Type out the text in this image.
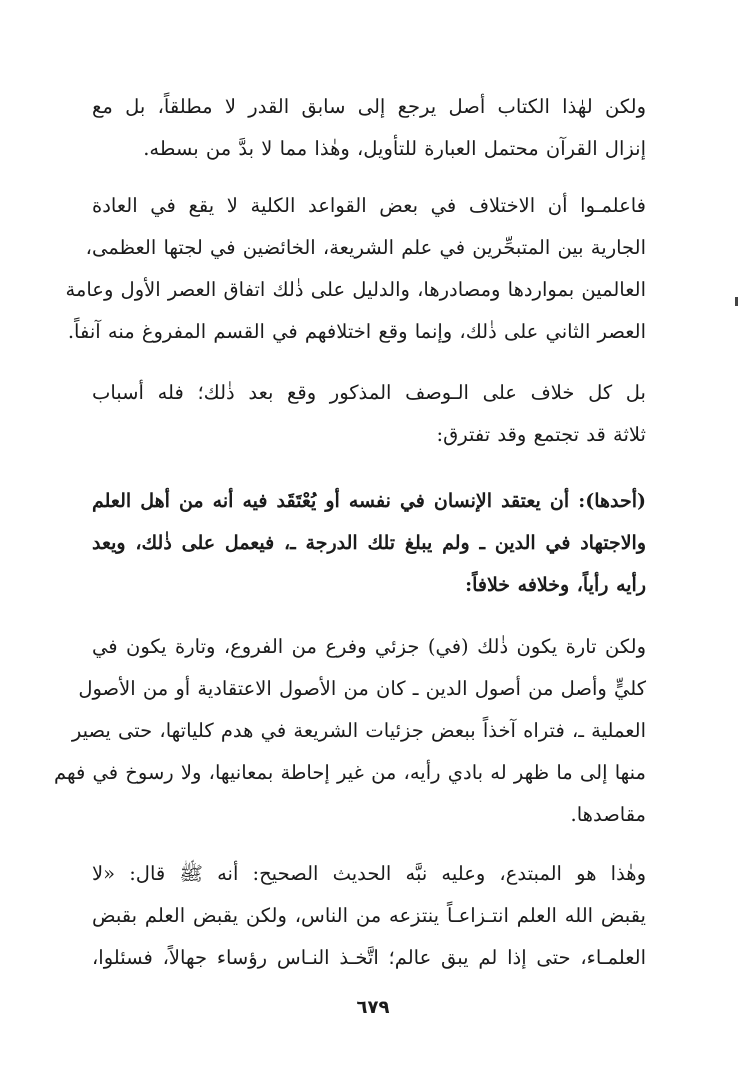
ولكن لهٰذا الكتاب أصل يرجع إلى سابق القدر لا مطلقاً، بل مع
إنزال القرآن محتمل العبارة للتأويل، وهٰذا مما لا بدَّ من بسطه.
فاعلمـوا أن الاختلاف في بعض القواعد الكلية لا يقع في العادة
الجارية بين المتبحِّرين في علم الشريعة، الخائضين في لجتها العظمى،
العالمين بمواردها ومصادرها، والدليل على ذٰلك اتفاق العصر الأول وعامة
العصر الثاني على ذٰلك، وإنما وقع اختلافهم في القسم المفروغ منه آنفاً.
بل كل خلاف على الـوصف المذكور وقع بعد ذٰلك؛ فله أسباب
ثلاثة قد تجتمع وقد تفترق:
(أحدها): أن يعتقد الإنسان في نفسه أو يُعْتَقَد فيه أنه من أهل العلم
والاجتهاد في الدين ـ ولم يبلغ تلك الدرجة ـ، فيعمل على ذٰلك، ويعد
رأيه رأياً، وخلافه خلافاً:
ولكن تارة يكون ذٰلك (في) جزئي وفرع من الفروع، وتارة يكون في
كليٍّ وأصل من أصول الدين ـ كان من الأصول الاعتقادية أو من الأصول
العملية ـ، فتراه آخذاً ببعض جزئيات الشريعة في هدم كلياتها، حتى يصير
منها إلى ما ظهر له بادي رأيه، من غير إحاطة بمعانيها، ولا رسوخ في فهم
مقاصدها.
وهٰذا هو المبتدع، وعليه نبَّه الحديث الصحيح: أنه ﷺ قال: «لا
يقبض الله العلم انتـزاعـاً ينتزعه من الناس، ولكن يقبض العلم بقبض
العلمـاء، حتى إذا لم يبق عالم؛ اتَّخـذ النـاس رؤساء جهالاً، فسئلوا،
٦٧٩
